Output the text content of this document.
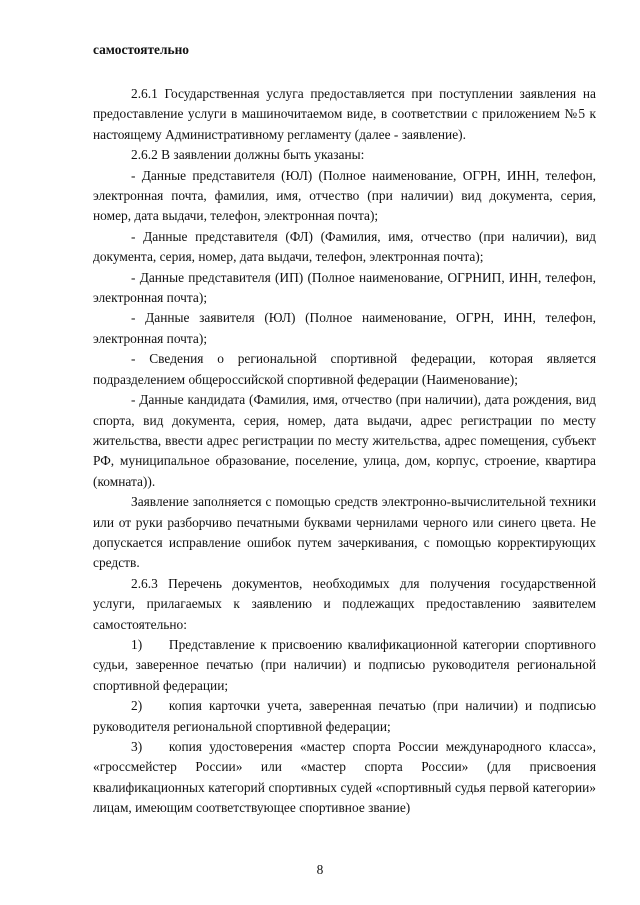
самостоятельно

2.6.1 Государственная услуга предоставляется при поступлении заявления на предоставление услуги в машиночитаемом виде, в соответствии с приложением №5 к настоящему Административному регламенту (далее - заявление).

2.6.2 В заявлении должны быть указаны:

- Данные представителя (ЮЛ) (Полное наименование, ОГРН, ИНН, телефон, электронная почта, фамилия, имя, отчество (при наличии) вид документа, серия, номер, дата выдачи, телефон, электронная почта);

- Данные представителя (ФЛ) (Фамилия, имя, отчество (при наличии), вид документа, серия, номер, дата выдачи, телефон, электронная почта);

- Данные представителя (ИП) (Полное наименование, ОГРНИП, ИНН, телефон, электронная почта);

- Данные заявителя (ЮЛ) (Полное наименование, ОГРН, ИНН, телефон, электронная почта);

- Сведения о региональной спортивной федерации, которая является подразделением общероссийской спортивной федерации (Наименование);

- Данные кандидата (Фамилия, имя, отчество (при наличии), дата рождения, вид спорта, вид документа, серия, номер, дата выдачи, адрес регистрации по месту жительства, ввести адрес регистрации по месту жительства, адрес помещения, субъект РФ, муниципальное образование, поселение, улица, дом, корпус, строение, квартира (комната)).

Заявление заполняется с помощью средств электронно-вычислительной техники или от руки разборчиво печатными буквами чернилами черного или синего цвета. Не допускается исправление ошибок путем зачеркивания, с помощью корректирующих средств.

2.6.3 Перечень документов, необходимых для получения государственной услуги, прилагаемых к заявлению и подлежащих предоставлению заявителем самостоятельно:

1)  Представление к присвоению квалификационной категории спортивного судьи, заверенное печатью (при наличии) и подписью руководителя региональной спортивной федерации;

2)  копия карточки учета, заверенная печатью (при наличии) и подписью руководителя региональной спортивной федерации;

3)  копия удостоверения «мастер спорта России международного класса», «гроссмейстер России» или «мастер спорта России» (для присвоения квалификационных категорий спортивных судей «спортивный судья первой категории» лицам, имеющим соответствующее спортивное звание)

8
